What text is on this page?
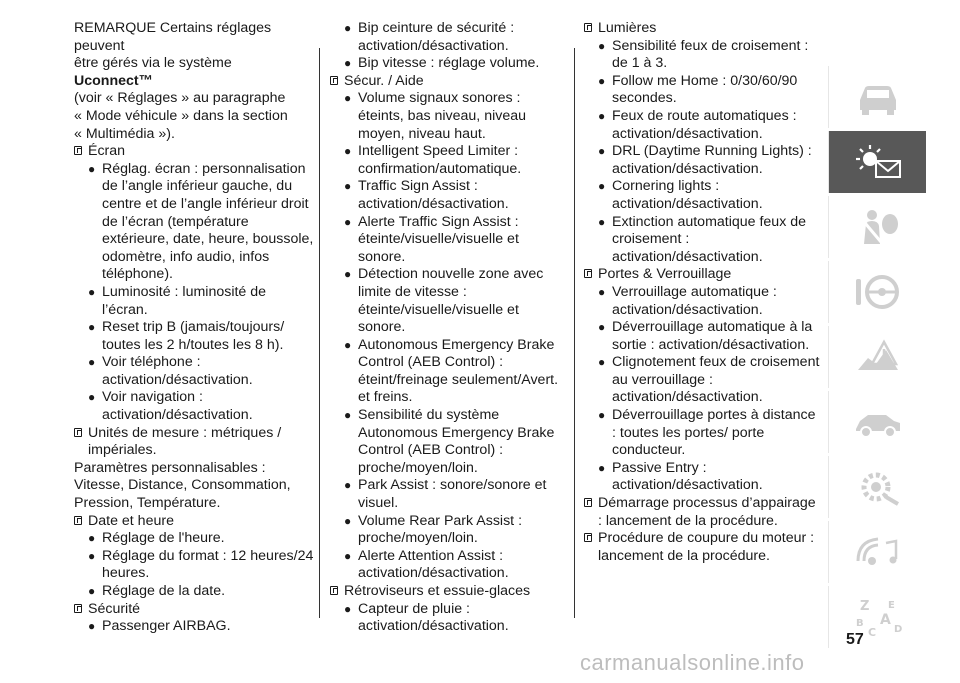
REMARQUE Certains réglages peuvent
être gérés via le système Uconnect™
(voir « Réglages » au paragraphe
« Mode véhicule » dans la section
« Multimédia »).
Écran
● Réglag. écran : personnalisation de l’angle inférieur gauche, du centre et de l’angle inférieur droit de l’écran (température extérieure, date, heure, boussole, odomètre, info audio, infos téléphone).
● Luminosité : luminosité de l’écran.
● Reset trip B (jamais/toujours/ toutes les 2 h/toutes les 8 h).
● Voir téléphone : activation/désactivation.
● Voir navigation : activation/désactivation.
Unités de mesure : métriques / impériales.
Paramètres personnalisables : Vitesse, Distance, Consommation, Pression, Température.
Date et heure
● Réglage de l'heure.
● Réglage du format : 12 heures/24 heures.
● Réglage de la date.
Sécurité
● Passenger AIRBAG.
● Bip ceinture de sécurité : activation/désactivation.
● Bip vitesse : réglage volume.
Sécur. / Aide
● Volume signaux sonores : éteints, bas niveau, niveau moyen, niveau haut.
● Intelligent Speed Limiter : confirmation/automatique.
● Traffic Sign Assist : activation/désactivation.
● Alerte Traffic Sign Assist : éteinte/visuelle/visuelle et sonore.
● Détection nouvelle zone avec limite de vitesse : éteinte/visuelle/visuelle et sonore.
● Autonomous Emergency Brake Control (AEB Control) : éteint/freinage seulement/Avert. et freins.
● Sensibilité du système Autonomous Emergency Brake Control (AEB Control) : proche/moyen/loin.
● Park Assist : sonore/sonore et visuel.
● Volume Rear Park Assist : proche/moyen/loin.
● Alerte Attention Assist : activation/désactivation.
Rétroviseurs et essuie-glaces
● Capteur de pluie : activation/désactivation.
Lumières
● Sensibilité feux de croisement : de 1 à 3.
● Follow me Home : 0/30/60/90 secondes.
● Feux de route automatiques : activation/désactivation.
● DRL (Daytime Running Lights) : activation/désactivation.
● Cornering lights : activation/désactivation.
● Extinction automatique feux de croisement : activation/désactivation.
Portes & Verrouillage
● Verrouillage automatique : activation/désactivation.
● Déverrouillage automatique à la sortie : activation/désactivation.
● Clignotement feux de croisement au verrouillage : activation/désactivation.
● Déverrouillage portes à distance : toutes les portes/ porte conducteur.
● Passive Entry : activation/désactivation.
Démarrage processus d’appairage : lancement de la procédure.
Procédure de coupure du moteur : lancement de la procédure.
Z E
B A
C D
57
carmanualsonline.info
